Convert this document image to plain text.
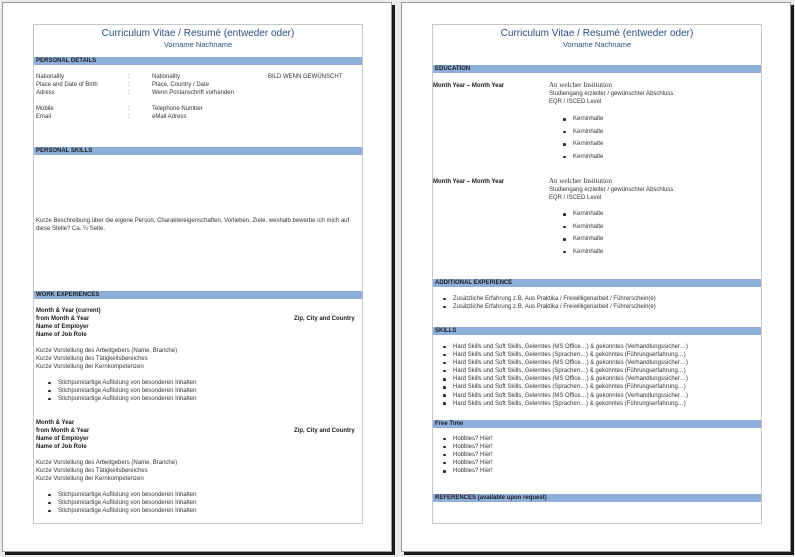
Curriculum Vitae / Resumé (entweder oder)
Vorname Nachname
PERSONAL DETAILS
Nationality	:	Nationality	BILD WENN GEWÜNSCHT
Place and Date of Birth	:	Place, Country / Date
Adress	:	Wenn Postanschrift vorhanden
Mobile	:	Telephone Number
Email	:	eMail Adress
PERSONAL SKILLS
Kurze Beschreibung über die eigene Person, Charaktereigenschaften, Vorlieben, Ziele, weshalb bewerbe ich mich auf diese Stelle? Ca. ¼ Seite.
WORK EXPERIENCES
Month & Year (current)
from Month & Year	Zip, City and Country
Name of Employer
Name of Job Role
Kurze Vorstellung des Arbeitgebers (Name, Branche)
Kurze Vorstellung des Tätigkeitsbereiches
Kurze Vorstellung der Kernkompetenzen
Stichpunktartige Auflistung von besonderen Inhalten
Stichpunktartige Auflistung von besonderen Inhalten
Stichpunktartige Auflistung von besonderen Inhalten
Month & Year
from Month & Year	Zip, City and Country
Name of Employer
Name of Job Role
Kurze Vorstellung des Arbeitgebers (Name, Branche)
Kurze Vorstellung des Tätigkeitsbereiches
Kurze Vorstellung der Kernkompetenzen
Stichpunktartige Auflistung von besonderen Inhalten
Stichpunktartige Auflistung von besonderen Inhalten
Stichpunktartige Auflistung von besonderen Inhalten
Curriculum Vitae / Resumé (entweder oder)
Vorname Nachname
EDUCATION
Month Year – Month Year	An welcher Institution
Studiengang erzielter / gewünschter Abschluss
EQR / ISCED Level
Kerninhalte
Kerninhalte
Kerninhalte
Kerninhalte
Month Year – Month Year	An welcher Institution
Studiengang erzielter / gewünschter Abschluss
EQR / ISCED Level
Kerninhalte
Kerninhalte
Kerninhalte
Kerninhalte
ADDITIONAL EXPERIENCE
Zusätzliche Erfahrung z.B. Aus Praktika / Freiwilligenarbeit / Führerschein(e)
Zusätzliche Erfahrung z.B. Aus Praktika / Freiwilligenarbeit / Führerschein(e)
SKILLS
Hard Skills und Soft Skills, Gelerntes (MS Office…) & gekonntes (Verhandlungssicher…)
Hard Skills und Soft Skills, Gelerntes (Sprachen…) & gekonntes (Führungserfahrung…)
Hard Skills und Soft Skills, Gelerntes (MS Office…) & gekonntes (Verhandlungssicher…)
Hard Skills und Soft Skills, Gelerntes (Sprachen…) & gekonntes (Führungserfahrung…)
Hard Skills und Soft Skills, Gelerntes (MS Office…) & gekonntes (Verhandlungssicher…)
Hard Skills und Soft Skills, Gelerntes (Sprachen…) & gekonntes (Führungserfahrung…)
Hard Skills und Soft Skills, Gelerntes (MS Office…) & gekonntes (Verhandlungssicher…)
Hard Skills und Soft Skills, Gelerntes (Sprachen…) & gekonntes (Führungserfahrung…)
Free Time
Hobbies? Hier!
Hobbies? Hier!
Hobbies? Hier!
Hobbies? Hier!
Hobbies? Hier!
REFERENCES (available upon request)
